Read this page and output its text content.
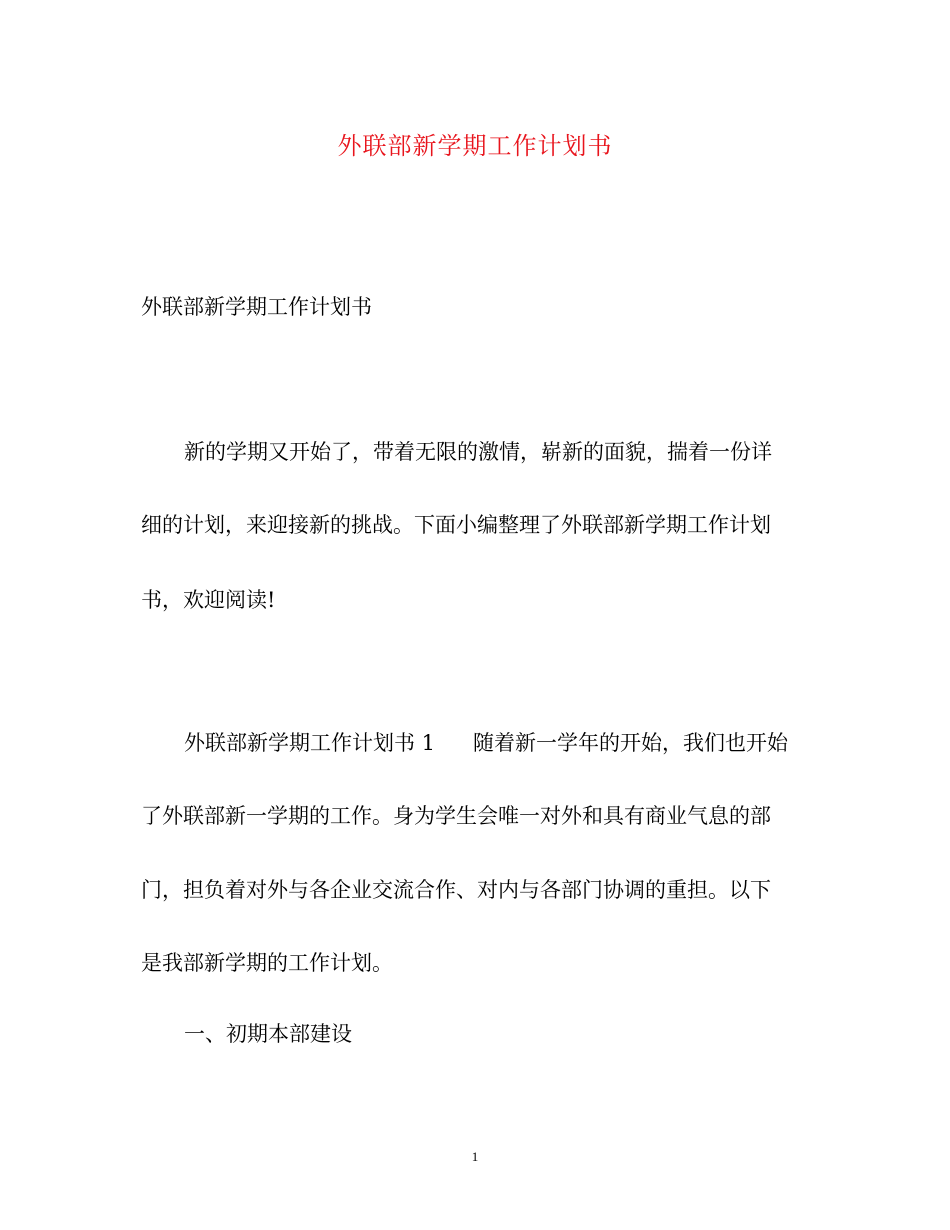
外联部新学期工作计划书
外联部新学期工作计划书
新的学期又开始了，带着无限的激情，崭新的面貌，揣着一份详
细的计划，来迎接新的挑战。下面小编整理了外联部新学期工作计划
书，欢迎阅读!
外联部新学期工作计划书 1 随着新一学年的开始，我们也开始
了外联部新一学期的工作。身为学生会唯一对外和具有商业气息的部
门，担负着对外与各企业交流合作、对内与各部门协调的重担。以下
是我部新学期的工作计划。
一、初期本部建设
1
